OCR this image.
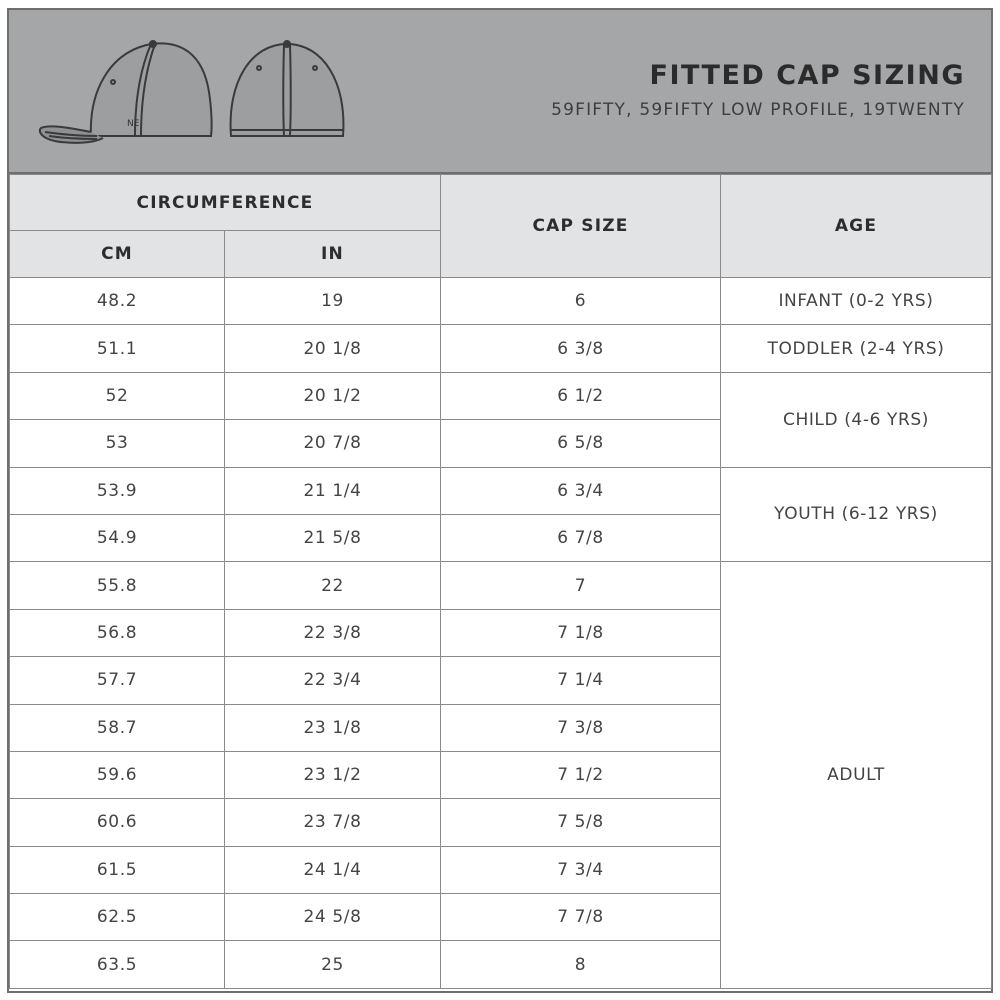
NE
FITTED CAP SIZING
59FIFTY, 59FIFTY LOW PROFILE, 19TWENTY
CIRCUMFERENCE		CAP SIZE	AGE
CM	IN		
48.2	19	6	INFANT (0-2 YRS)
51.1	20 1/8	6 3/8	TODDLER (2-4 YRS)
52	20 1/2	6 1/2	CHILD (4-6 YRS)
53	20 7/8	6 5/8	
53.9	21 1/4	6 3/4	YOUTH (6-12 YRS)
54.9	21 5/8	6 7/8	
55.8	22	7	ADULT
56.8	22 3/8	7 1/8	
57.7	22 3/4	7 1/4	
58.7	23 1/8	7 3/8	
59.6	23 1/2	7 1/2	
60.6	23 7/8	7 5/8	
61.5	24 1/4	7 3/4	
62.5	24 5/8	7 7/8	
63.5	25	8	
